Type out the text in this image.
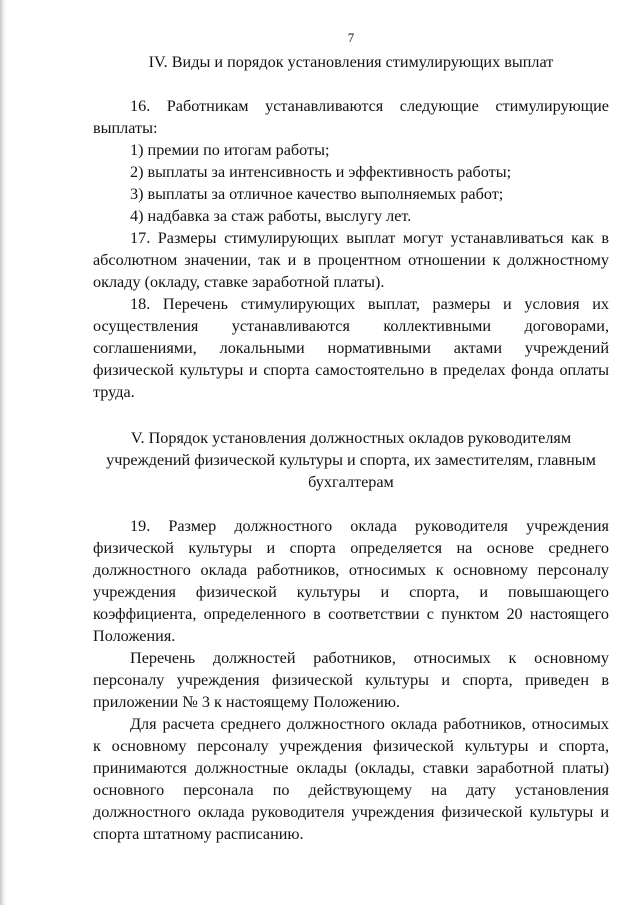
7
IV. Виды и порядок установления стимулирующих выплат

16. Работникам устанавливаются следующие стимулирующие выплаты:

1) премии по итогам работы;
2) выплаты за интенсивность и эффективность работы;
3) выплаты за отличное качество выполняемых работ;
4) надбавка за стаж работы, выслугу лет.

17. Размеры стимулирующих выплат могут устанавливаться как в абсолютном значении, так и в процентном отношении к должностному окладу (окладу, ставке заработной платы).

18. Перечень стимулирующих выплат, размеры и условия их осуществления устанавливаются коллективными договорами, соглашениями, локальными нормативными актами учреждений физической культуры и спорта самостоятельно в пределах фонда оплаты труда.

V. Порядок установления должностных окладов руководителям
учреждений физической культуры и спорта, их заместителям, главным
бухгалтерам

19. Размер должностного оклада руководителя учреждения физической культуры и спорта определяется на основе среднего должностного оклада работников, относимых к основному персоналу учреждения физической культуры и спорта, и повышающего коэффициента, определенного в соответствии с пунктом 20 настоящего Положения.

Перечень должностей работников, относимых к основному персоналу учреждения физической культуры и спорта, приведен в приложении № 3 к настоящему Положению.

Для расчета среднего должностного оклада работников, относимых к основному персоналу учреждения физической культуры и спорта, принимаются должностные оклады (оклады, ставки заработной платы) основного персонала по действующему на дату установления должностного оклада руководителя учреждения физической культуры и спорта штатному расписанию.
